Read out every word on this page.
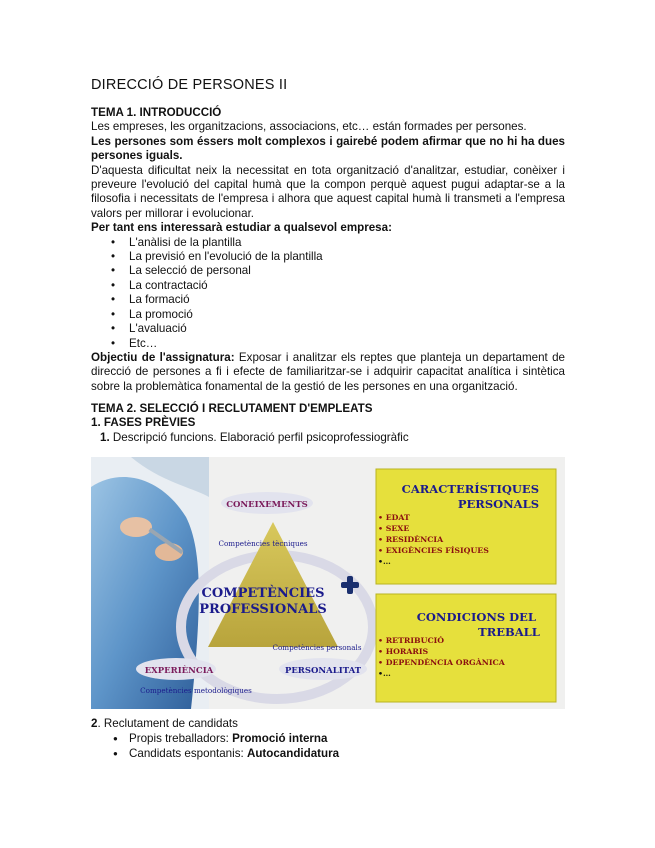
DIRECCIÓ DE PERSONES II

TEMA 1. INTRODUCCIÓ

Les empreses, les organitzacions, associacions, etc… están formades per persones.

Les persones som éssers molt complexos i gairebé podem afirmar que no hi ha dues persones iguals.

D'aquesta dificultat neix la necessitat en tota organització d'analitzar, estudiar, conèixer i preveure l'evolució del capital humà que la compon perquè aquest pugui adaptar-se a la filosofia i necessitats de l'empresa i alhora que aquest capital humà li transmeti a l'empresa valors per millorar i evolucionar.

Per tant ens interessarà estudiar a qualsevol empresa:

• L'anàlisi de la plantilla
• La previsió en l'evolució de la plantilla
• La selecció de personal
• La contractació
• La formació
• La promoció
• L'avaluació
• Etc…

Objectiu de l'assignatura: Exposar i analitzar els reptes que planteja un departament de direcció de persones a fi i efecte de familiaritzar-se i adquirir capacitat analítica i sintètica sobre la problemàtica fonamental de la gestió de les persones en una organització.

TEMA 2. SELECCIÓ I RECLUTAMENT D'EMPLEATS

1. FASES PRÈVIES

1. Descripció funcions. Elaboració perfil psicoprofessiogràfic

CONEIXEMENTS
Competències tècniques
COMPETÈNCIES
PROFESSIONALS
Competències personals
EXPERIÈNCIA	PERSONALITAT
Competències metodològiques
CARACTERÍSTIQUES
PERSONALS
• EDAT
• SEXE
• RESIDÈNCIA
• EXIGÈNCIES FÍSIQUES
•…
CONDICIONS DEL
TREBALL
• RETRIBUCIÓ
• HORARIS
• DEPENDÈNCIA ORGÀNICA
•…

2. Reclutament de candidats

● Propis treballadors: Promoció interna
● Candidats espontanis: Autocandidatura
